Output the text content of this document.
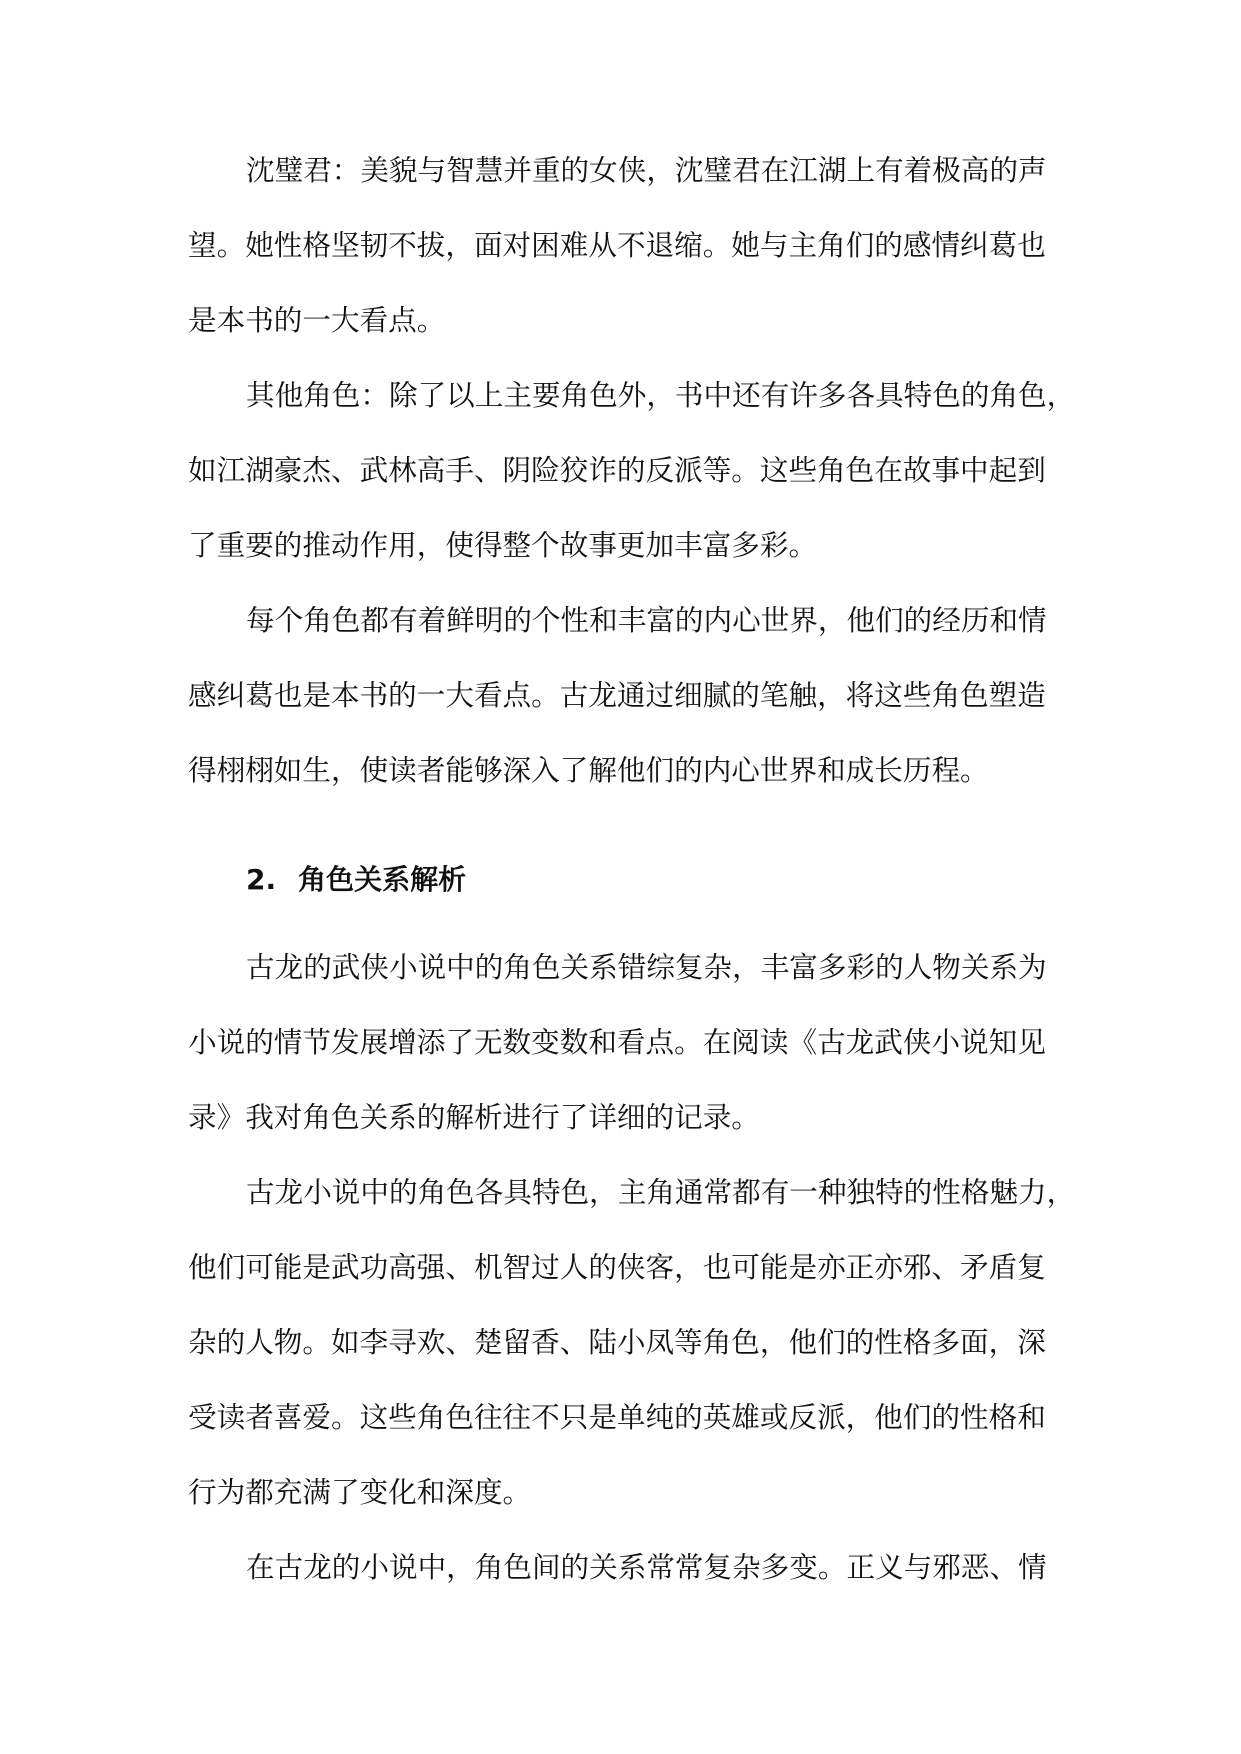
沈璧君：美貌与智慧并重的女侠，沈璧君在江湖上有着极高的声
望。她性格坚韧不拔，面对困难从不退缩。她与主角们的感情纠葛也
是本书的一大看点。
其他角色：除了以上主要角色外，书中还有许多各具特色的角色，
如江湖豪杰、武林高手、阴险狡诈的反派等。这些角色在故事中起到
了重要的推动作用，使得整个故事更加丰富多彩。
每个角色都有着鲜明的个性和丰富的内心世界，他们的经历和情
感纠葛也是本书的一大看点。古龙通过细腻的笔触，将这些角色塑造
得栩栩如生，使读者能够深入了解他们的内心世界和成长历程。
2. 角色关系解析
古龙的武侠小说中的角色关系错综复杂，丰富多彩的人物关系为
小说的情节发展增添了无数变数和看点。在阅读《古龙武侠小说知见
录》我对角色关系的解析进行了详细的记录。
古龙小说中的角色各具特色，主角通常都有一种独特的性格魅力，
他们可能是武功高强、机智过人的侠客，也可能是亦正亦邪、矛盾复
杂的人物。如李寻欢、楚留香、陆小凤等角色，他们的性格多面，深
受读者喜爱。这些角色往往不只是单纯的英雄或反派，他们的性格和
行为都充满了变化和深度。
在古龙的小说中，角色间的关系常常复杂多变。正义与邪恶、情
